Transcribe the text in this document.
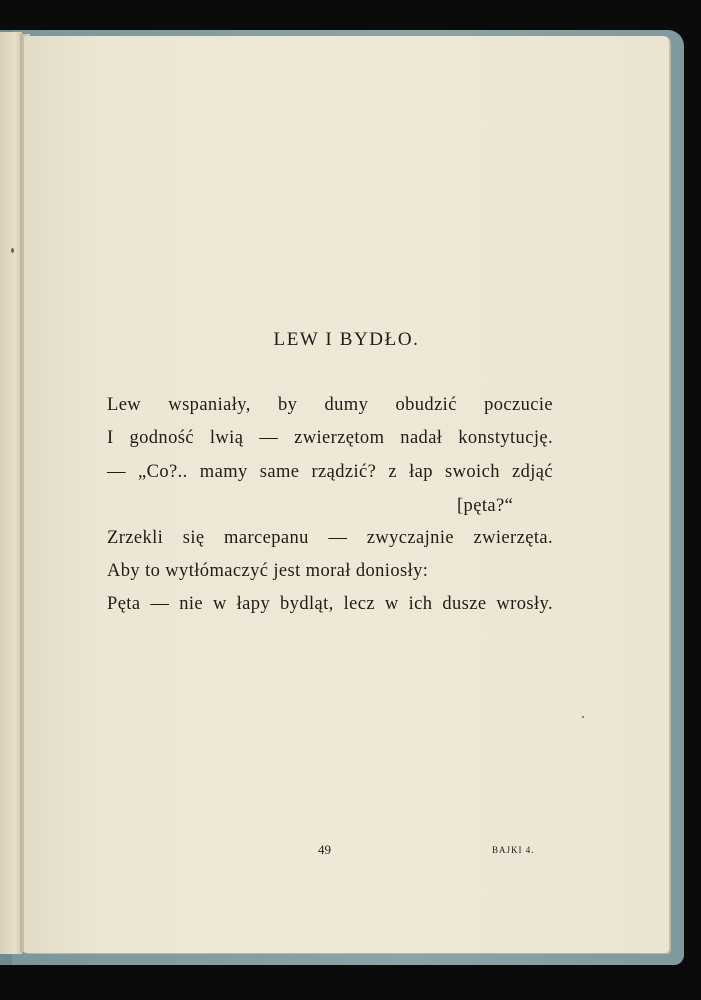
LEW I BYDŁO.
Lew wspaniały, by dumy obudzić poczucie
I godność lwią — zwierzętom nadał konstytucję.
— „Co?.. mamy same rządzić? z łap swoich zdjąć
[pęta?“
Zrzekli się marcepanu — zwyczajnie zwierzęta.
Aby to wytłómaczyć jest morał doniosły:
Pęta — nie w łapy bydląt, lecz w ich dusze wrosły.
49	BAJKI 4.
